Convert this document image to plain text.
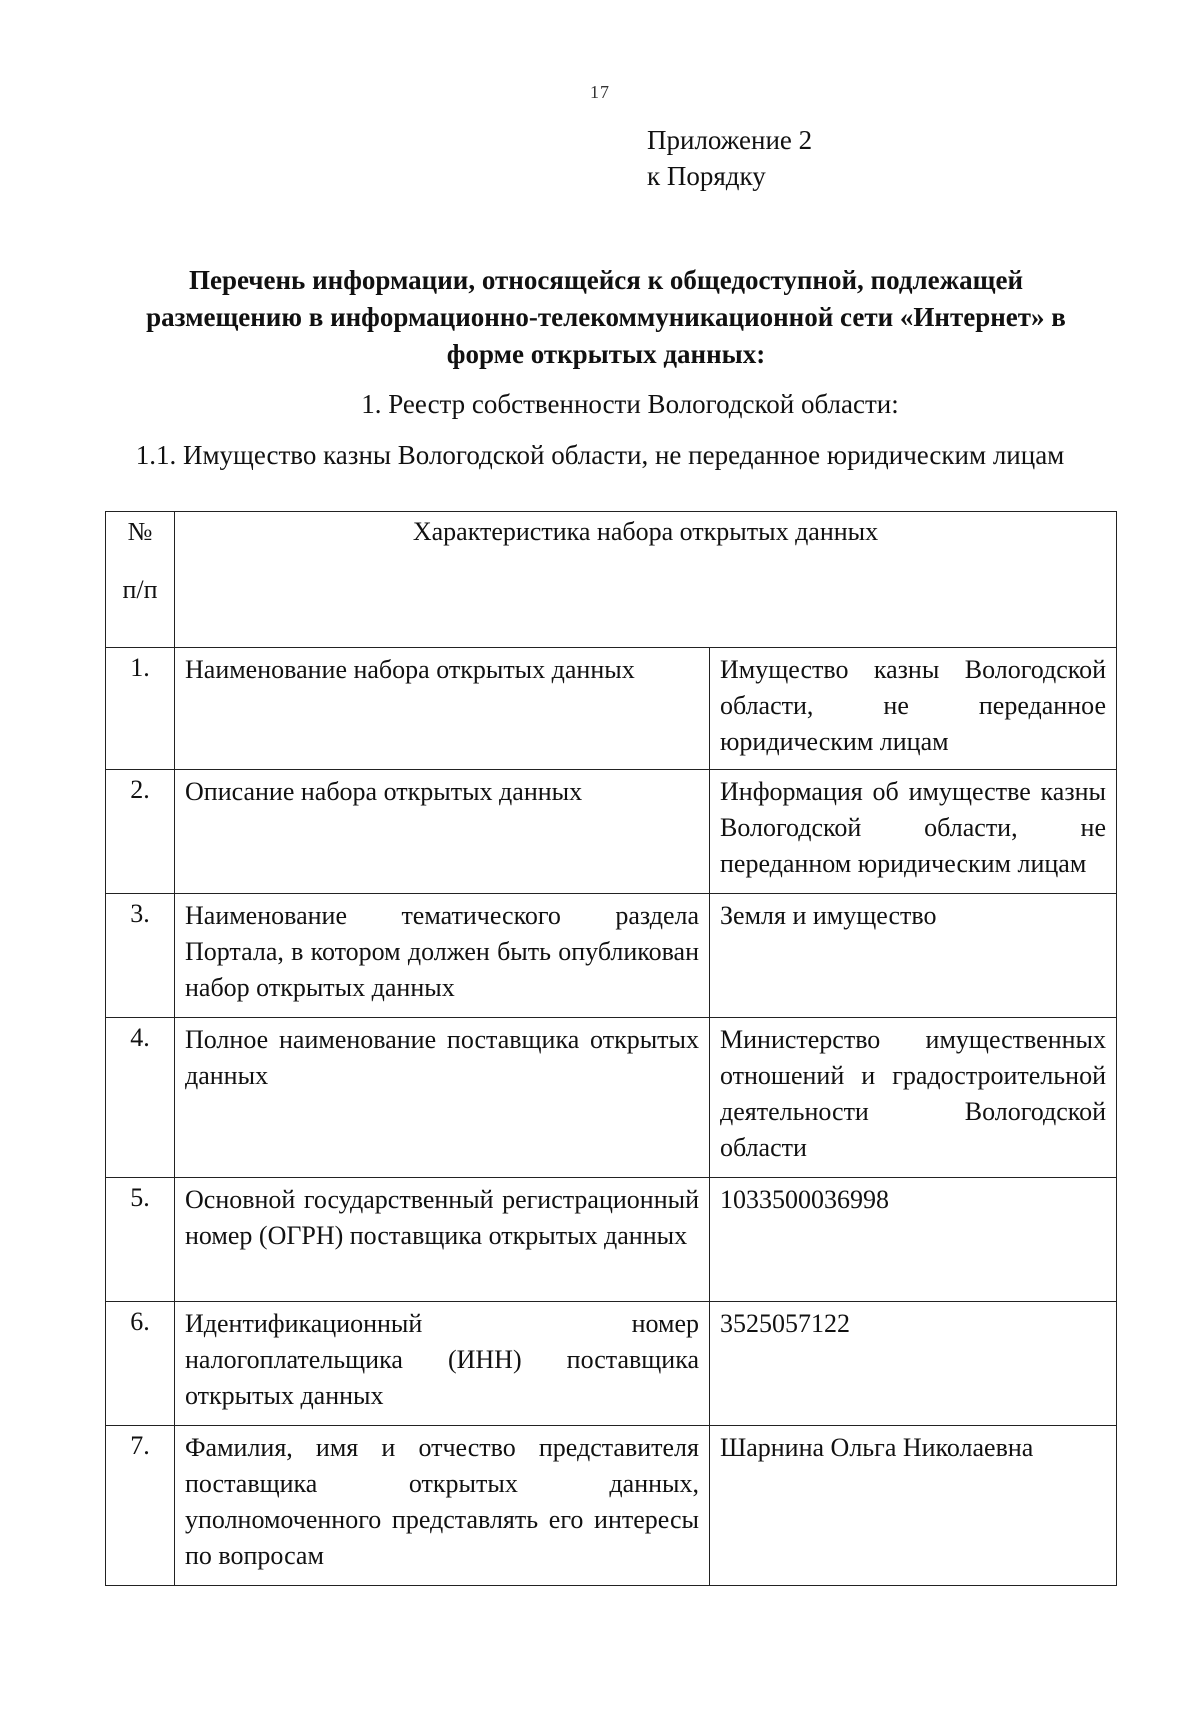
17
Приложение 2
к Порядку
Перечень информации, относящейся к общедоступной, подлежащей размещению в информационно-телекоммуникационной сети «Интернет» в форме открытых данных:
1. Реестр собственности Вологодской области:
1.1. Имущество казны Вологодской области, не переданное юридическим лицам
№
п/п	Характеристика набора открытых данных	
1.	Наименование набора открытых данных	Имущество казны Вологодской области, не переданное юридическим лицам
2.	Описание набора открытых данных	Информация об имуществе казны Вологодской области, не переданном юридическим лицам
3.	Наименование тематического раздела Портала, в котором должен быть опубликован набор открытых данных	Земля и имущество
4.	Полное наименование поставщика открытых данных	Министерство имущественных отношений и градостроительной деятельности Вологодской области
5.	Основной государственный регистрационный номер (ОГРН) поставщика открытых данных	1033500036998
6.	Идентификационный номер налогоплательщика (ИНН) поставщика открытых данных	3525057122
7.	Фамилия, имя и отчество представителя поставщика открытых данных, уполномоченного представлять его интересы по вопросам	Шарнина Ольга Николаевна
